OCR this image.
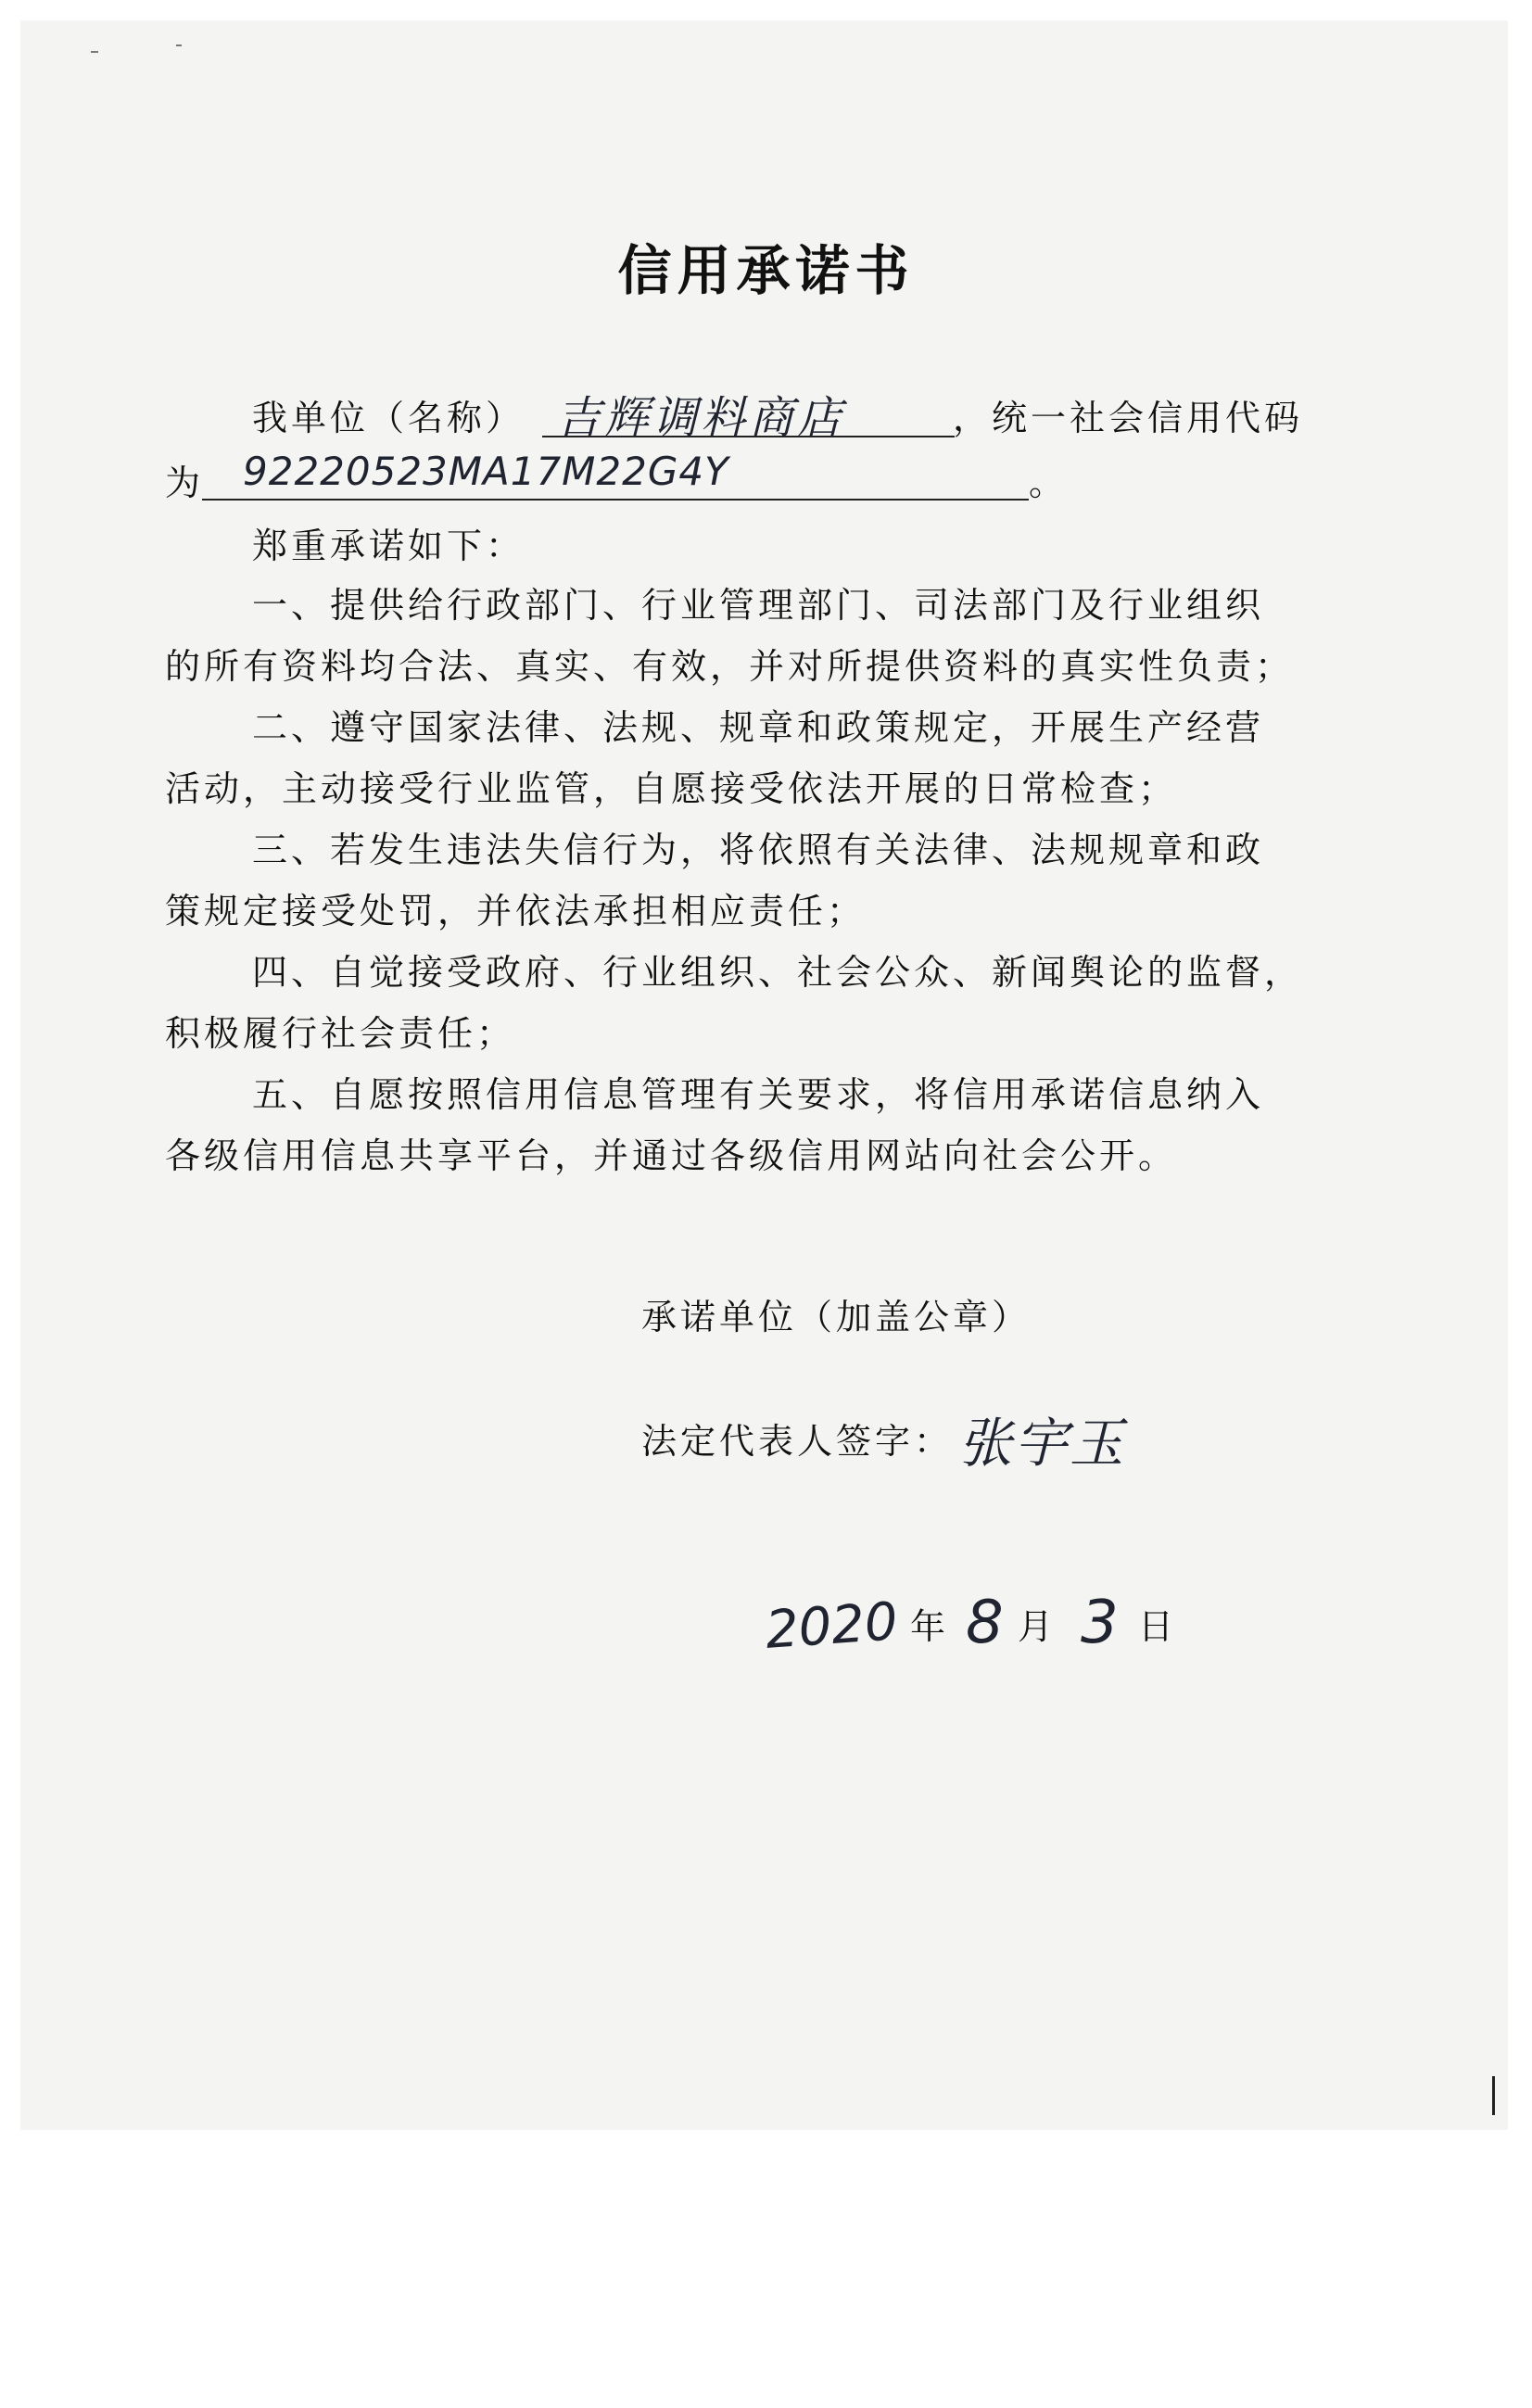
信用承诺书
我单位（名称） 吉辉调料商店	，统一社会信用代码
为 92220523MA17M22G4Y	。
郑重承诺如下：
一、提供给行政部门、行业管理部门、司法部门及行业组织
的所有资料均合法、真实、有效，并对所提供资料的真实性负责；
二、遵守国家法律、法规、规章和政策规定，开展生产经营
活动，主动接受行业监管，自愿接受依法开展的日常检查；
三、若发生违法失信行为，将依照有关法律、法规规章和政
策规定接受处罚，并依法承担相应责任；
四、自觉接受政府、行业组织、社会公众、新闻舆论的监督，
积极履行社会责任；
五、自愿按照信用信息管理有关要求，将信用承诺信息纳入
各级信用信息共享平台，并通过各级信用网站向社会公开。
承诺单位（加盖公章）
法定代表人签字： 张宇玉
2020 年 8 月 3 日
